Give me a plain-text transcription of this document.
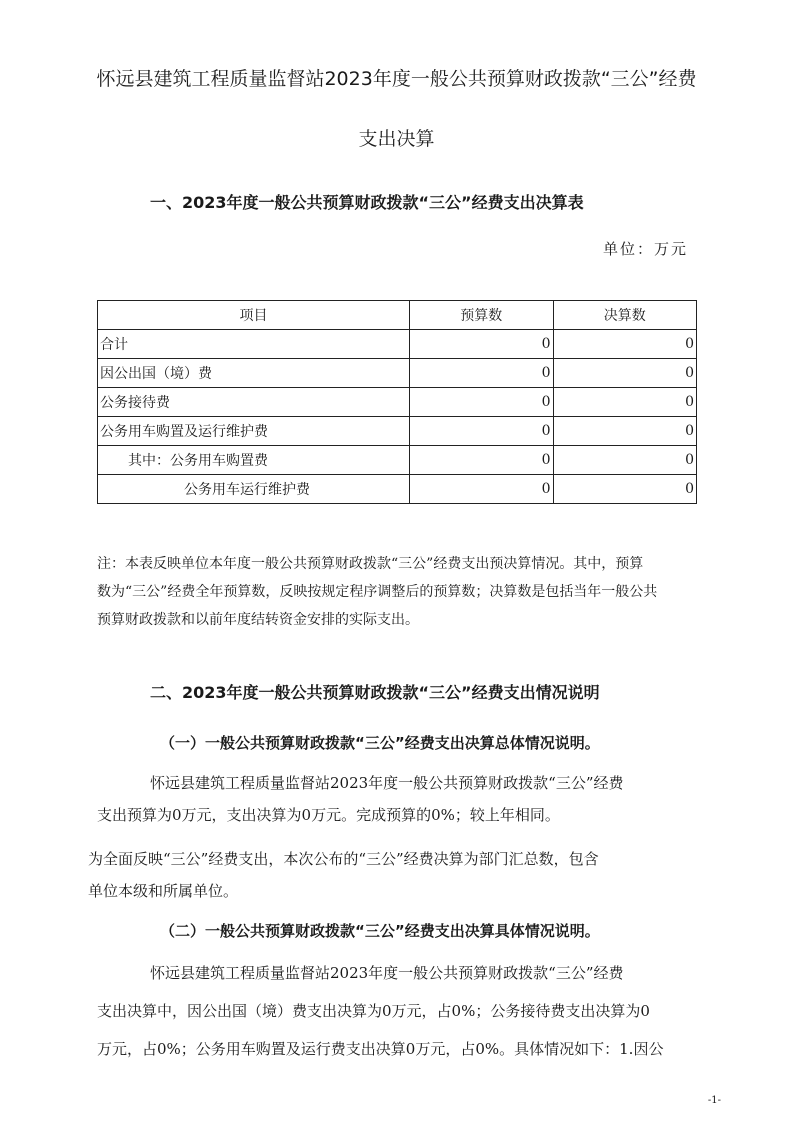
怀远县建筑工程质量监督站2023年度一般公共预算财政拨款“三公”经费
支出决算
一、2023年度一般公共预算财政拨款“三公”经费支出决算表
单位：万元
项目	预算数	决算数
合计	0	0
因公出国（境）费	0	0
公务接待费	0	0
公务用车购置及运行维护费	0	0
其中：公务用车购置费	0	0
公务用车运行维护费	0	0
注：本表反映单位本年度一般公共预算财政拨款“三公”经费支出预决算情况。其中，预算
数为“三公”经费全年预算数，反映按规定程序调整后的预算数；决算数是包括当年一般公共
预算财政拨款和以前年度结转资金安排的实际支出。
二、2023年度一般公共预算财政拨款“三公”经费支出情况说明
（一）一般公共预算财政拨款“三公”经费支出决算总体情况说明。
怀远县建筑工程质量监督站2023年度一般公共预算财政拨款“三公”经费
支出预算为0万元，支出决算为0万元。完成预算的0%；较上年相同。
为全面反映“三公”经费支出，本次公布的“三公”经费决算为部门汇总数，包含
单位本级和所属单位。
（二）一般公共预算财政拨款“三公”经费支出决算具体情况说明。
怀远县建筑工程质量监督站2023年度一般公共预算财政拨款“三公”经费
支出决算中，因公出国（境）费支出决算为0万元，占0%；公务接待费支出决算为0
万元，占0%；公务用车购置及运行费支出决算0万元，占0%。具体情况如下：1.因公
-1-
